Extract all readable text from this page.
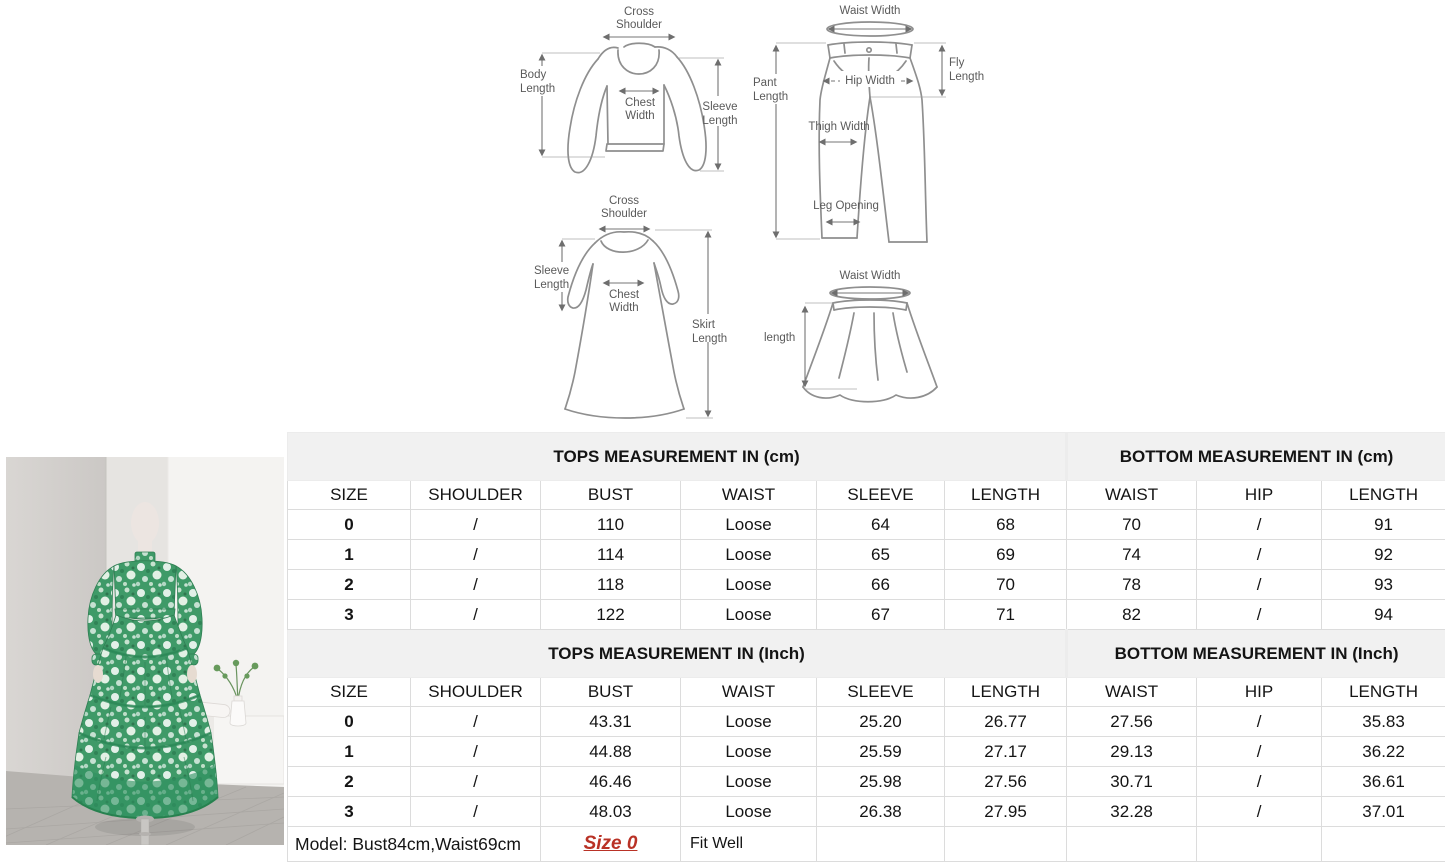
Cross
Shoulder
Chest
Width
Body
Length
Sleeve
Length
Waist Width
Hip Width
Pant
Length
Fly
Length
Thigh Width
Leg Opening
Cross
Shoulder
Chest
Width
Sleeve
Length
Skirt
Length
Waist Width
length
TOPS MEASUREMENT IN (cm)						BOTTOM MEASUREMENT IN (cm)		
SIZE	SHOULDER	BUST	WAIST	SLEEVE	LENGTH	WAIST	HIP	LENGTH
0	/	110	Loose	64	68	70	/	91
1	/	114	Loose	65	69	74	/	92
2	/	118	Loose	66	70	78	/	93
3	/	122	Loose	67	71	82	/	94
TOPS MEASUREMENT IN (Inch)						BOTTOM MEASUREMENT IN (Inch)		
SIZE	SHOULDER	BUST	WAIST	SLEEVE	LENGTH	WAIST	HIP	LENGTH
0	/	43.31	Loose	25.20	26.77	27.56	/	35.83
1	/	44.88	Loose	25.59	27.17	29.13	/	36.22
2	/	46.46	Loose	25.98	27.56	30.71	/	36.61
3	/	48.03	Loose	26.38	27.95	32.28	/	37.01
Model: Bust84cm,Waist69cm		Size 0	Fit Well					
